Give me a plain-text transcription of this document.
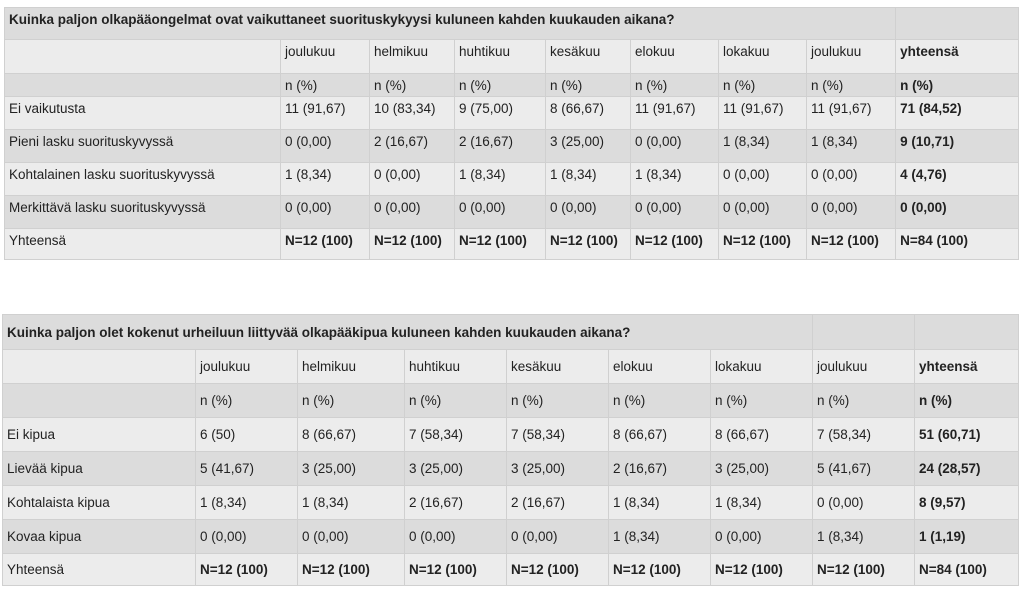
Kuinka paljon olkapääongelmat ovat vaikuttaneet suorituskykyysi kuluneen kahden kuukauden aikana?								
	joulukuu	helmikuu	huhtikuu	kesäkuu	elokuu	lokakuu	joulukuu	yhteensä
	n (%)	n (%)	n (%)	n (%)	n (%)	n (%)	n (%)	n (%)
Ei vaikutusta	11 (91,67)	10 (83,34)	9 (75,00)	8 (66,67)	11 (91,67)	11 (91,67)	11 (91,67)	71 (84,52)
Pieni lasku suorituskyvyssä	0 (0,00)	2 (16,67)	2 (16,67)	3 (25,00)	0 (0,00)	1 (8,34)	1 (8,34)	9 (10,71)
Kohtalainen lasku suorituskyvyssä	1 (8,34)	0 (0,00)	1 (8,34)	1 (8,34)	1 (8,34)	0 (0,00)	0 (0,00)	4 (4,76)
Merkittävä lasku suorituskyvyssä	0 (0,00)	0 (0,00)	0 (0,00)	0 (0,00)	0 (0,00)	0 (0,00)	0 (0,00)	0 (0,00)
Yhteensä	N=12 (100)	N=12 (100)	N=12 (100)	N=12 (100)	N=12 (100)	N=12 (100)	N=12 (100)	N=84 (100)
Kuinka paljon olet kokenut urheiluun liittyvää olkapääkipua kuluneen kahden kuukauden aikana?								
	joulukuu	helmikuu	huhtikuu	kesäkuu	elokuu	lokakuu	joulukuu	yhteensä
	n (%)	n (%)	n (%)	n (%)	n (%)	n (%)	n (%)	n (%)
Ei kipua	6 (50)	8 (66,67)	7 (58,34)	7 (58,34)	8 (66,67)	8 (66,67)	7 (58,34)	51 (60,71)
Lievää kipua	5 (41,67)	3 (25,00)	3 (25,00)	3 (25,00)	2 (16,67)	3 (25,00)	5 (41,67)	24 (28,57)
Kohtalaista kipua	1 (8,34)	1 (8,34)	2 (16,67)	2 (16,67)	1 (8,34)	1 (8,34)	0 (0,00)	8 (9,57)
Kovaa kipua	0 (0,00)	0 (0,00)	0 (0,00)	0 (0,00)	1 (8,34)	0 (0,00)	1 (8,34)	1 (1,19)
Yhteensä	N=12 (100)	N=12 (100)	N=12 (100)	N=12 (100)	N=12 (100)	N=12 (100)	N=12 (100)	N=84 (100)
